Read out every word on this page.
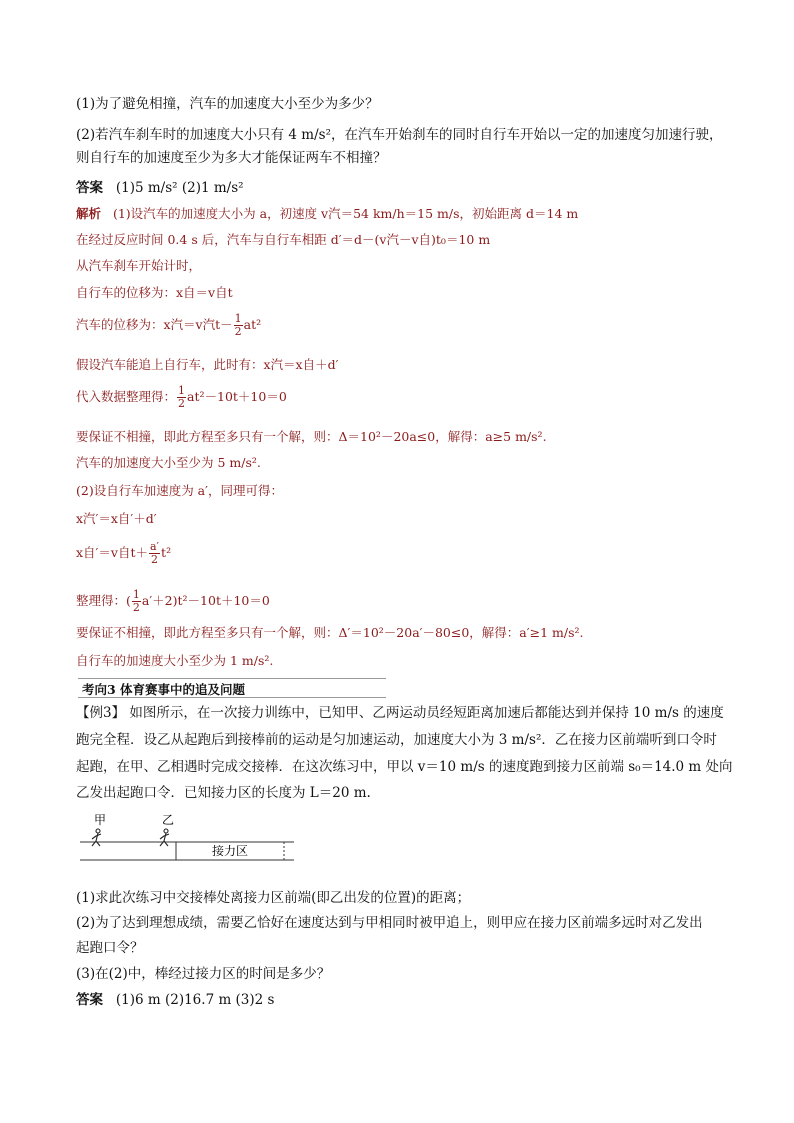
(1)为了避免相撞，汽车的加速度大小至少为多少？
(2)若汽车刹车时的加速度大小只有 4 m/s²，在汽车开始刹车的同时自行车开始以一定的加速度匀加速行驶，
则自行车的加速度至少为多大才能保证两车不相撞？
答案 (1)5 m/s² (2)1 m/s²
解析 (1)设汽车的加速度大小为 a，初速度 v汽＝54 km/h＝15 m/s，初始距离 d＝14 m
在经过反应时间 0.4 s 后，汽车与自行车相距 d′＝d－(v汽－v自)t₀＝10 m
从汽车刹车开始计时，
自行车的位移为：x自＝v自t
汽车的位移为：x汽＝v汽$t- \frac{1}{2} at^2$
假设汽车能追上自行车，此时有：x汽＝x自＋d′
代入数据整理得： $\frac{1}{2} at^2-10t+10=0$
要保证不相撞，即此方程至多只有一个解，则：Δ＝10²－20a≤0，解得：a≥5 m/s².
汽车的加速度大小至少为 5 m/s².
(2)设自行车加速度为 a′，同理可得：
x汽′＝x自′＋d′
x自′＝v自$t+ \frac{a'}{2} t^2$
整理得：( $\frac{1}{2} a'+2)t^2-10t+10=0$
要保证不相撞，即此方程至多只有一个解，则：Δ′＝10²－20a′－80≤0，解得：a′≥1 m/s².
自行车的加速度大小至少为 1 m/s².
考向3 体育赛事中的追及问题
【例3】 如图所示，在一次接力训练中，已知甲、乙两运动员经短距离加速后都能达到并保持 10 m/s 的速度
跑完全程．设乙从起跑后到接棒前的运动是匀加速运动，加速度大小为 3 m/s²．乙在接力区前端听到口令时
起跑，在甲、乙相遇时完成交接棒．在这次练习中，甲以 v＝10 m/s 的速度跑到接力区前端 s₀＝14.0 m 处向
乙发出起跑口令．已知接力区的长度为 L＝20 m.
甲	乙
接力区
(1)求此次练习中交接棒处离接力区前端(即乙出发的位置)的距离；
(2)为了达到理想成绩，需要乙恰好在速度达到与甲相同时被甲追上，则甲应在接力区前端多远时对乙发出
起跑口令？
(3)在(2)中，棒经过接力区的时间是多少？
答案 (1)6 m (2)16.7 m (3)2 s
